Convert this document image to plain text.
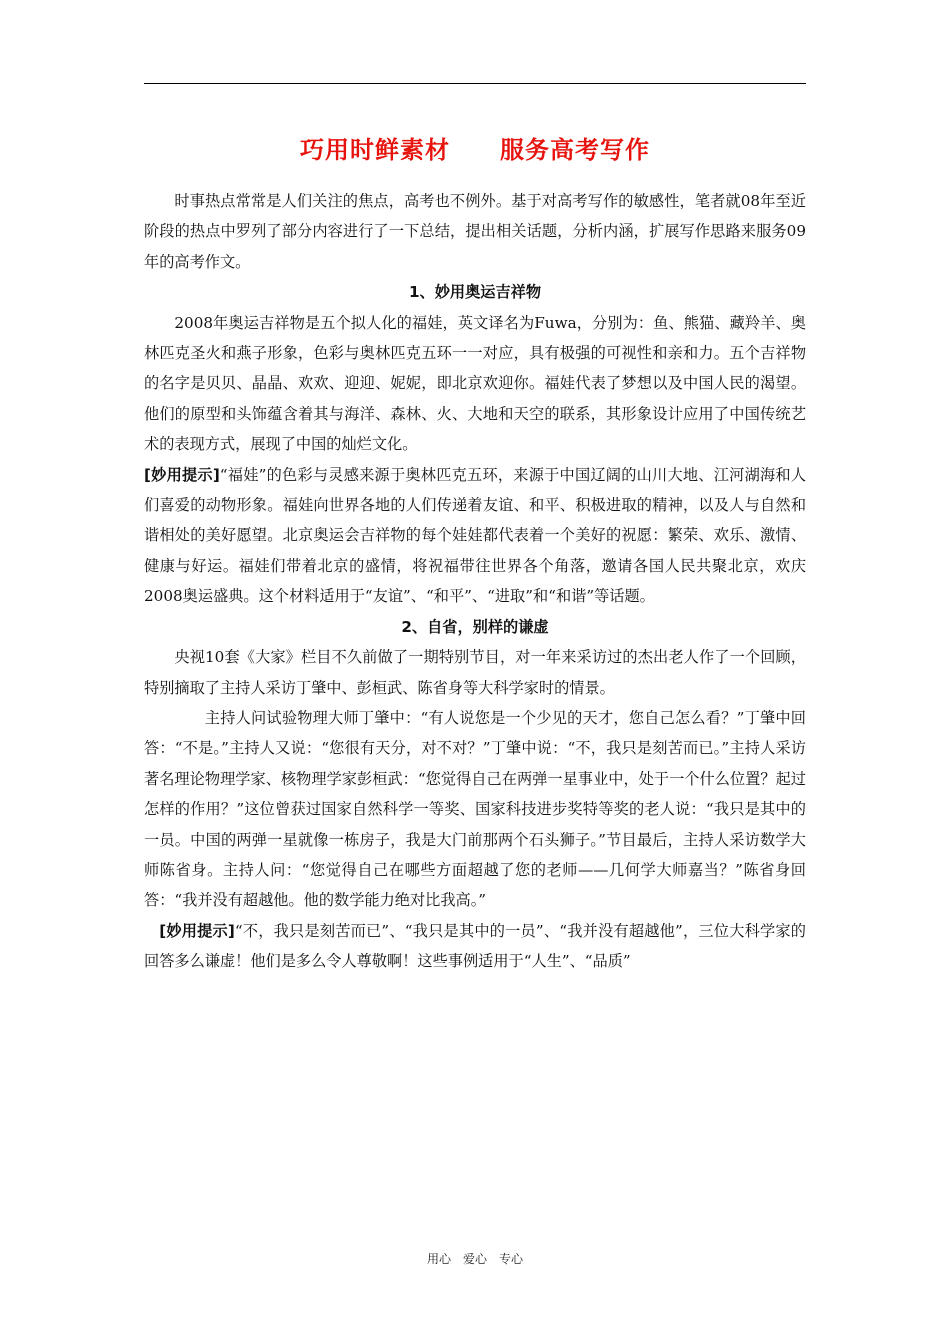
巧用时鲜素材　　服务高考写作

时事热点常常是人们关注的焦点，高考也不例外。基于对高考写作的敏感性，笔者就08年至近阶段的热点中罗列了部分内容进行了一下总结，提出相关话题，分析内涵，扩展写作思路来服务09年的高考作文。

1、妙用奥运吉祥物

2008年奥运吉祥物是五个拟人化的福娃，英文译名为Fuwa，分别为：鱼、熊猫、藏羚羊、奥林匹克圣火和燕子形象，色彩与奥林匹克五环一一对应，具有极强的可视性和亲和力。五个吉祥物的名字是贝贝、晶晶、欢欢、迎迎、妮妮，即北京欢迎你。福娃代表了梦想以及中国人民的渴望。他们的原型和头饰蕴含着其与海洋、森林、火、大地和天空的联系，其形象设计应用了中国传统艺术的表现方式，展现了中国的灿烂文化。

[妙用提示]“福娃”的色彩与灵感来源于奥林匹克五环，来源于中国辽阔的山川大地、江河湖海和人们喜爱的动物形象。福娃向世界各地的人们传递着友谊、和平、积极进取的精神，以及人与自然和谐相处的美好愿望。北京奥运会吉祥物的每个娃娃都代表着一个美好的祝愿：繁荣、欢乐、激情、健康与好运。福娃们带着北京的盛情，将祝福带往世界各个角落，邀请各国人民共聚北京，欢庆2008奥运盛典。这个材料适用于“友谊”、“和平”、“进取”和“和谐”等话题。

2、自省，别样的谦虚

央视10套《大家》栏目不久前做了一期特别节目，对一年来采访过的杰出老人作了一个回顾，特别摘取了主持人采访丁肇中、彭桓武、陈省身等大科学家时的情景。

主持人问试验物理大师丁肇中：“有人说您是一个少见的天才，您自己怎么看？”丁肇中回答：“不是。”主持人又说：“您很有天分，对不对？”丁肇中说：“不，我只是刻苦而已。”主持人采访著名理论物理学家、核物理学家彭桓武：“您觉得自己在两弹一星事业中，处于一个什么位置？起过怎样的作用？”这位曾获过国家自然科学一等奖、国家科技进步奖特等奖的老人说：“我只是其中的一员。中国的两弹一星就像一栋房子，我是大门前那两个石头狮子。”节目最后，主持人采访数学大师陈省身。主持人问：“您觉得自己在哪些方面超越了您的老师——几何学大师嘉当？”陈省身回答：“我并没有超越他。他的数学能力绝对比我高。”

[妙用提示]“不，我只是刻苦而已”、“我只是其中的一员”、“我并没有超越他”，三位大科学家的回答多么谦虚！他们是多么令人尊敬啊！这些事例适用于“人生”、“品质”

用心　爱心　专心
